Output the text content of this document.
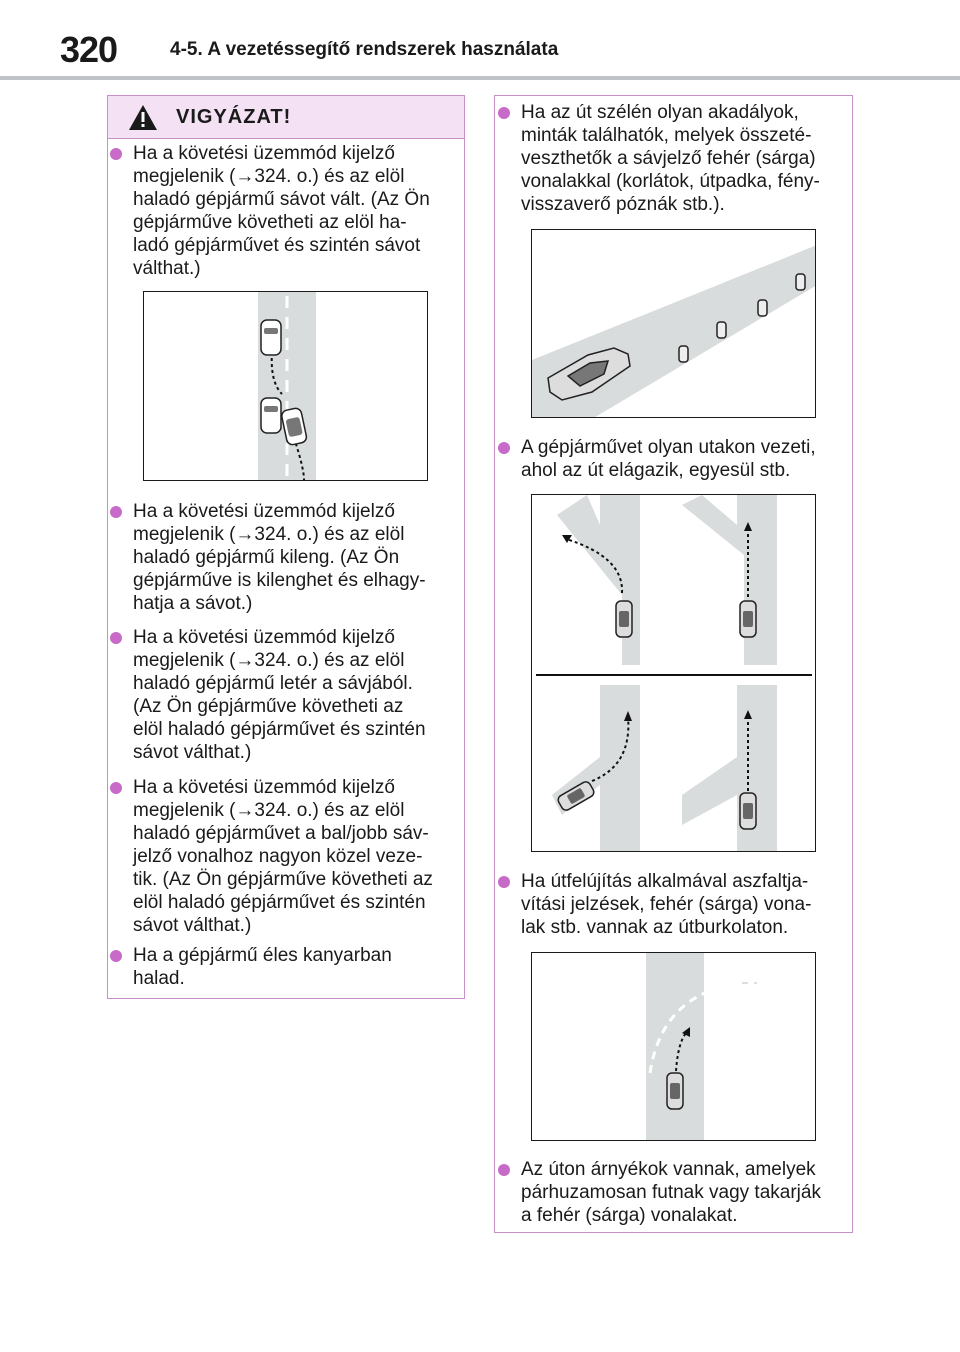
320	4-5. A vezetéssegítő rendszerek használata
VIGYÁZAT!
Ha a követési üzemmód kijelző
megjelenik (→324. o.) és az elöl
haladó gépjármű sávot vált. (Az Ön
gépjárműve követheti az elöl ha-
ladó gépjárművet és szintén sávot
válthat.)
Ha a követési üzemmód kijelző
megjelenik (→324. o.) és az elöl
haladó gépjármű kileng. (Az Ön
gépjárműve is kilenghet és elhagy-
hatja a sávot.)
Ha a követési üzemmód kijelző
megjelenik (→324. o.) és az elöl
haladó gépjármű letér a sávjából.
(Az Ön gépjárműve követheti az
elöl haladó gépjárművet és szintén
sávot válthat.)
Ha a követési üzemmód kijelző
megjelenik (→324. o.) és az elöl
haladó gépjárművet a bal/jobb sáv-
jelző vonalhoz nagyon közel veze-
tik. (Az Ön gépjárműve követheti az
elöl haladó gépjárművet és szintén
sávot válthat.)
Ha a gépjármű éles kanyarban
halad.
Ha az út szélén olyan akadályok,
minták találhatók, melyek összeté-
veszthetők a sávjelző fehér (sárga)
vonalakkal (korlátok, útpadka, fény-
visszaverő póznák stb.).
A gépjárművet olyan utakon vezeti,
ahol az út elágazik, egyesül stb.
Ha útfelújítás alkalmával aszfaltja-
vítási jelzések, fehér (sárga) vona-
lak stb. vannak az útburkolaton.
Az úton árnyékok vannak, amelyek
párhuzamosan futnak vagy takarják
a fehér (sárga) vonalakat.
